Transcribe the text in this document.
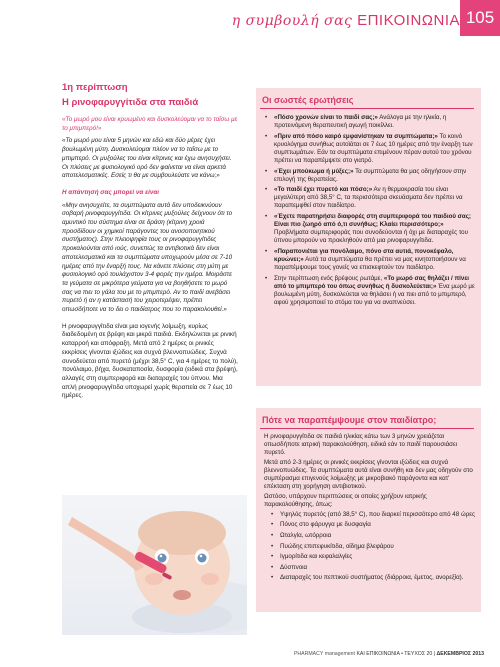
η συμβουλή σας ΕΠΙΚΟΙΝΩΝΙΑ 105

1η περίπτωση

Η ρινοφαρυγγίτιδα στα παιδιά

«Το μωρό μου είναι κρυωμένο και δυσκολεύομαι να το ταΐσω με το μπιμπερό!»

«Το μωρό μου είναι 5 μηνών και εδώ και δύο μέρες έχει βουλωμένη μύτη. Δυσκολεύομαι πλέον να το ταΐσω με το μπιμπερό. Οι μυξούλες του είναι κίτρινες και έχω ανησυχήσει. Οι πλύσεις με φυσιολογικό ορό δεν φαίνεται να είναι αρκετά αποτελεσματικές. Εσείς τι θα με συμβουλεύατε να κάνω;»

Η απάντησή σας μπορεί να είναι

«Μην ανησυχείτε, τα συμπτώματα αυτά δεν υποδεικνύουν σοβαρή ρινοφαρυγγίτιδα. Οι κίτρινες μυξούλες δείχνουν ότι το αμυντικό του σύστημα είναι σε δράση (κίτρινη χροιά προσδίδουν οι χημικοί παράγοντες του ανοσοποιητικού συστήματος). Στην πλειοψηφία τους οι ρινοφαρυγγίτιδες προκαλούνται από ιούς, συνεπώς τα αντιβιοτικά δεν είναι αποτελεσματικά και τα συμπτώματα υποχωρούν μέσα σε 7-10 ημέρες από την έναρξή τους. Να κάνετε πλύσεις στη μύτη με φυσιολογικό ορό τουλάχιστον 3-4 φορές την ημέρα. Μοιράστε τα γεύματα σε μικρότερα γεύματα για να βοηθήσετε το μωρό σας να πιει το γάλα του με το μπιμπερό. Αν το παιδί ανεβάσει πυρετό ή αν η κατάστασή του χειροτερέψει, πρέπει οπωσδήποτε να το δει ο παιδίατρος που το παρακολουθεί.»

Η ρινοφαρυγγίτιδα είναι μια ιογενής λοίμωξη, κυρίως διαδεδομένη σε βρέφη και μικρά παιδιά. Εκδηλώνεται με ρινική καταρροή και απόφραξη. Μετά από 2 ημέρες οι ρινικές εκκρίσεις γίνονται ιξώδεις και συχνά βλεννοπυώδεις. Συχνά συνοδεύεται από πυρετό (μέχρι 38,5° C, για 4 ημέρες το πολύ), πονόλαιμο, βήχα, δυσκαταποσία, δυσφορία (ειδικά στα βρέφη), αλλαγές στη συμπεριφορά και διαταραχές του ύπνου. Μια απλή ρινοφαρυγγίτιδα υποχωρεί χωρίς θεραπεία σε 7 έως 10 ημέρες.

Οι σωστές ερωτήσεις
• «Πόσο χρονών είναι το παιδί σας;» Ανάλογα με την ηλικία, η προτεινόμενη θεραπευτική αγωγή ποικίλλει.
• «Πριν από πόσο καιρό εμφανίστηκαν τα συμπτώματα;» Το κοινό κρυολόγημα συνήθως αυτοϊάται σε 7 έως 10 ημέρες από την έναρξη των συμπτωμάτων. Εάν τα συμπτώματα επιμένουν πέραν αυτού του χρόνου πρέπει να παραπέμψετε στο γιατρό.
• «Έχει μπούκωμα ή μύξες;» Τα συμπτώματα θα μας οδηγήσουν στην επιλογή της θεραπείας.
• «Το παιδί έχει πυρετό και πόσο;» Αν η θερμοκρασία του είναι μεγαλύτερη από 38,5° C, τα περισσότερα σκευάσματα δεν πρέπει να παραπεμφθεί στον παιδίατρο.
• «Έχετε παρατηρήσει διαφορές στη συμπεριφορά του παιδιού σας; Είναι πιο ζωηρό από ό,τι συνήθως; Κλαίει περισσότερο;» Προβλήματα συμπεριφοράς που συνοδεύονται ή όχι με διαταραχές του ύπνου μπορούν να προκληθούν από μια ρινοφαρυγγίτιδα.
• «Παραπονιέται για πονόλαιμο, πόνο στα αυτιά, πονοκέφαλο, κρυώνει;» Αυτά τα συμπτώματα θα πρέπει να μας κινητοποιήσουν να παραπέμψουμε τους γονείς να επισκεφτούν τον παιδίατρο.
• Στην περίπτωση ενός βρέφους ρωτάμε, «Το μωρό σας θηλάζει / πίνει από το μπιμπερό του όπως συνήθως ή δυσκολεύεται;» Ένα μωρό με βουλωμένη μύτη, δυσκολεύεται να θηλάσει ή να πιει από το μπιμπερό, αφού χρησιμοποιεί το στόμα του για να αναπνεύσει.
Πότε να παραπέμψουμε στον παιδίατρο;

Η ρινοφαρυγγίτιδα σε παιδιά ηλικίας κάτω των 3 μηνών χρειάζεται οπωσδήποτε ιατρική παρακολούθηση, ειδικά εάν το παιδί παρουσιάσει πυρετό.

Μετά από 2-3 ημέρες οι ρινικές εκκρίσεις γίνονται ιξώδεις και συχνά βλεννοπυώδεις. Τα συμπτώματα αυτά είναι συνήθη και δεν μας οδηγούν στο συμπέρασμα επιγενούς λοίμωξης με μικροβιακό παράγοντα και κατ' επέκταση στη χορήγηση αντιβιοτικού.

Ωστόσο, υπάρχουν περιπτώσεις οι οποίες χρήζουν ιατρικής παρακολούθησης, όπως:

• Υψηλός πυρετός (από 38,5° C), που διαρκεί περισσότερο από 48 ώρες
• Πόνος στο φάρυγγα με δυσφαγία
• Ωταλγία, ωτόρροια
• Πυώδης επιπεφυκίτιδα, οίδημα βλεφάρου
• Ιγμορίτιδα και κεφαλαλγίες
• Δύσπνοια
• Διαταραχές του πεπτικού συστήματος (διάρροια, έμετος, ανορεξία).
PHARMACY management ΚΑΙ ΕΠΙΚΟΙΝΩΝΙΑ • ΤΕΥΧΟΣ 20 | ΔΕΚΕΜΒΡΙΟΣ 2013
